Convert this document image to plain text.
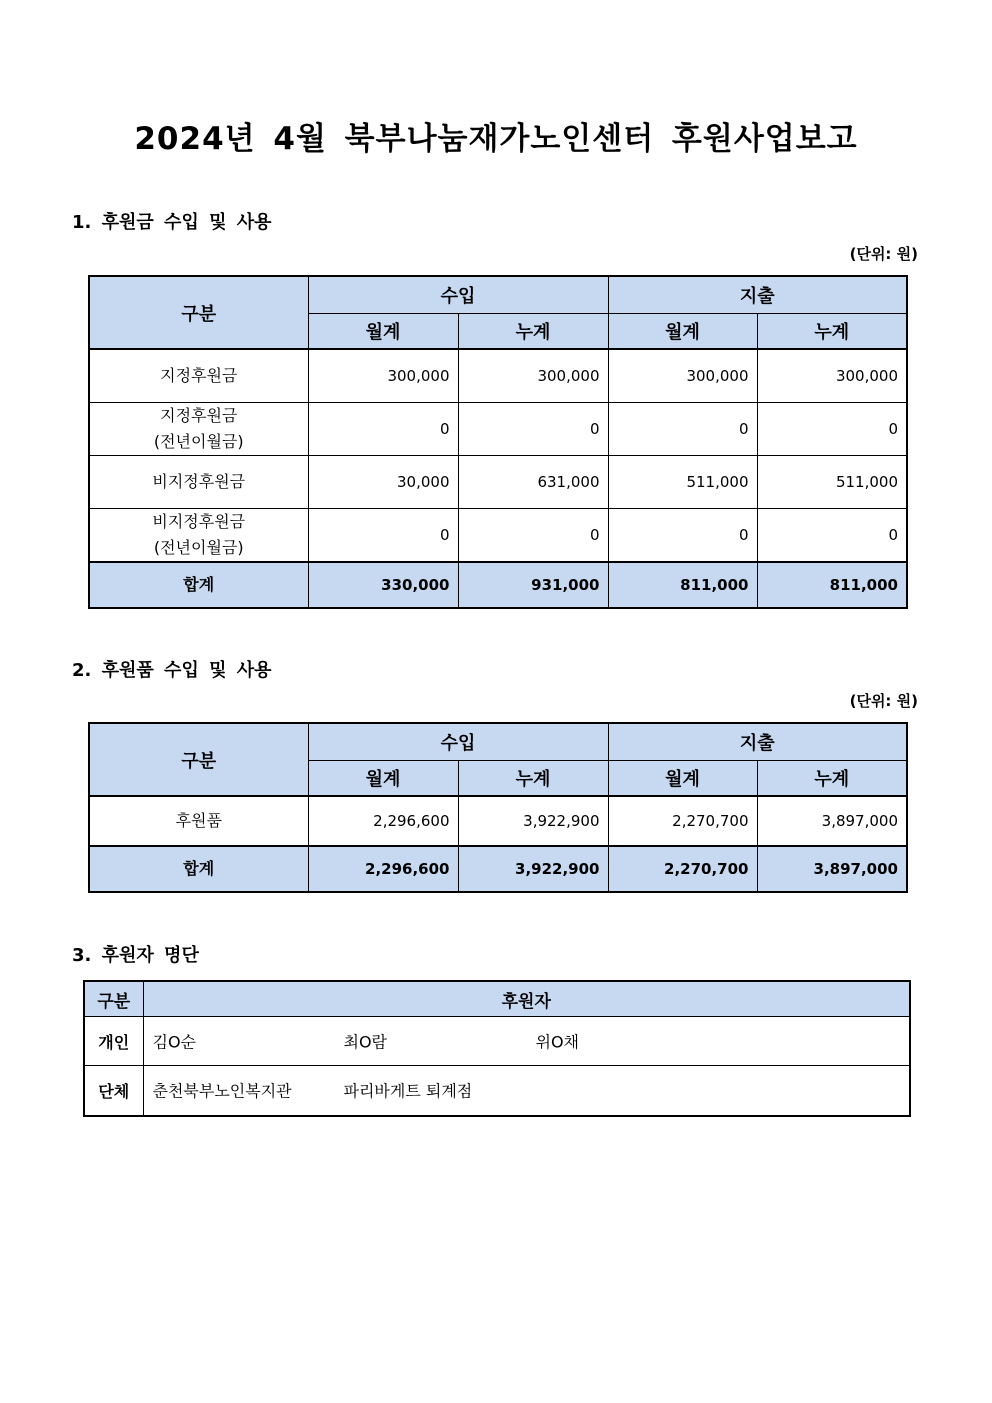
2024년 4월 북부나눔재가노인센터 후원사업보고
1. 후원금 수입 및 사용
(단위: 원)
구분	수입		지출	
	월계	누계	월계	누계
지정후원금	300,000	300,000	300,000	300,000
지정후원금
(전년이월금)	0	0	0	0
비지정후원금	30,000	631,000	511,000	511,000
비지정후원금
(전년이월금)	0	0	0	0
합계	330,000	931,000	811,000	811,000
2. 후원품 수입 및 사용
(단위: 원)
구분	수입		지출	
	월계	누계	월계	누계
후원품	2,296,600	3,922,900	2,270,700	3,897,000
합계	2,296,600	3,922,900	2,270,700	3,897,000
3. 후원자 명단
구분	후원자
개인	김O순 최O람 위O채

단체	춘천북부노인복지관 파리바게트 퇴계점
